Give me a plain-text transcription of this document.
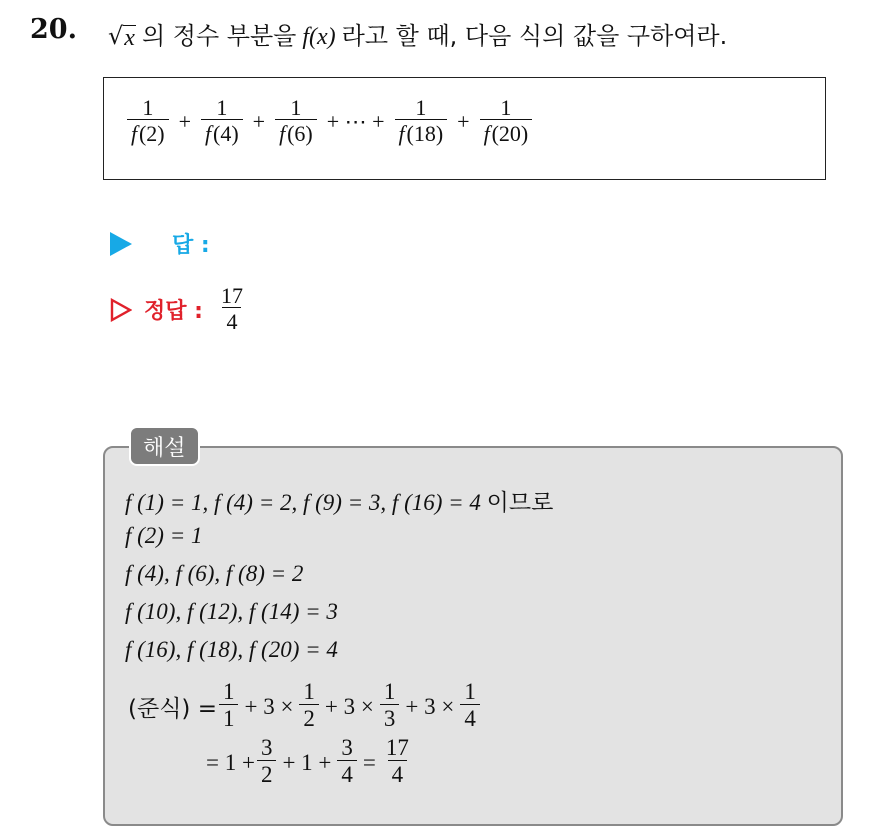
20. √ x 의 정수 부분을 f (x) 라고 할 때, 다음 식의 값을 구하여라.
$\frac{1}{f (2)} + \frac{1}{f (4)} + \frac{1}{f (6)}$ + ⋯ + $\frac{1}{f (18)} + \frac{1}{f (20)}$
답 :
정답 : $\frac{17}{4}$
해설
f (1) = 1, f (4) = 2, f (9) = 3, f (16) = 4 이므로
f (2) = 1
f (4), f (6), f (8) = 2
f (10), f (12), f (14) = 3
f (16), f (18), f (20) = 4
(준식) = $\frac{1}{1} + 3 \times \frac{1}{2} + 3 \times \frac{1}{3} + 3 \times \frac{1}{4}$
= $1 + \frac{3}{2} + 1 + \frac{3}{4} = \frac{17}{4}$
